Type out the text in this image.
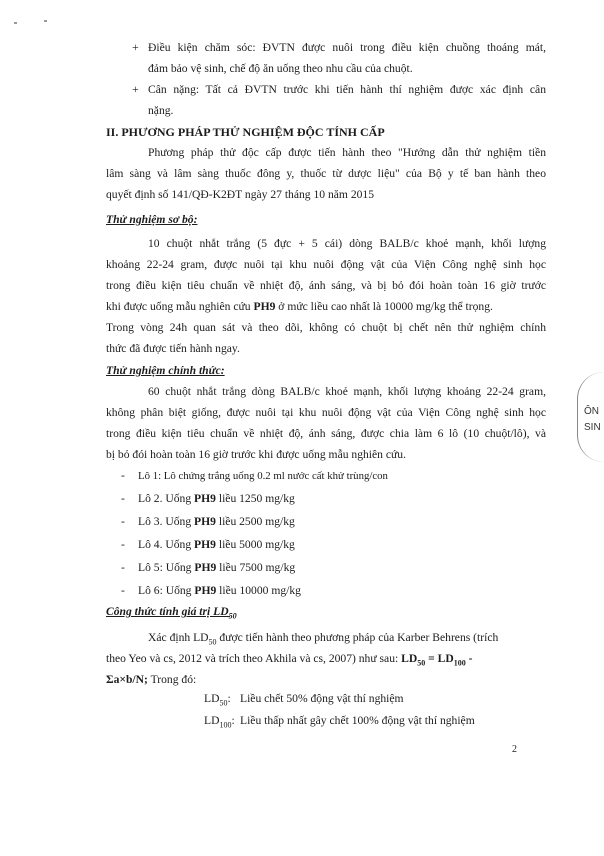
+ Điều kiện chăm sóc: ĐVTN được nuôi trong điều kiện chuồng thoáng mát,
đảm bảo vệ sinh, chế độ ăn uống theo nhu cầu của chuột.
+ Cân nặng: Tất cả ĐVTN trước khi tiến hành thí nghiệm được xác định cân
nặng.
II. PHƯƠNG PHÁP THỬ NGHIỆM ĐỘC TÍNH CẤP
Phương pháp thử độc cấp được tiến hành theo "Hướng dẫn thử nghiệm tiền
lâm sàng và lâm sàng thuốc đông y, thuốc từ dược liệu" của Bộ y tế ban hành theo
quyết định số 141/QĐ-K2ĐT ngày 27 tháng 10 năm 2015
Thử nghiệm sơ bộ:
10 chuột nhắt trắng (5 đực + 5 cái) dòng BALB/c khoẻ mạnh, khối lượng
khoảng 22-24 gram, được nuôi tại khu nuôi động vật của Viện Công nghệ sinh học
trong điều kiện tiêu chuẩn về nhiệt độ, ánh sáng, và bị bỏ đói hoàn toàn 16 giờ trước
khi được uống mẫu nghiên cứu PH9 ở mức liều cao nhất là 10000 mg/kg thể trọng.
Trong vòng 24h quan sát và theo dõi, không có chuột bị chết nên thử nghiệm chính
thức đã được tiến hành ngay.
Thử nghiệm chính thức:
60 chuột nhắt trắng dòng BALB/c khoẻ mạnh, khối lượng khoảng 22-24 gram,
không phân biệt giống, được nuôi tại khu nuôi động vật của Viện Công nghệ sinh học
trong điều kiện tiêu chuẩn về nhiệt độ, ánh sáng, được chia làm 6 lô (10 chuột/lô), và
bị bỏ đói hoàn toàn 16 giờ trước khi được uống mẫu nghiên cứu.
- Lô 1: Lô chứng trắng uống 0.2 ml nước cất khử trùng/con
- Lô 2. Uống PH9 liều 1250 mg/kg
- Lô 3. Uống PH9 liều 2500 mg/kg
- Lô 4. Uống PH9 liều 5000 mg/kg
- Lô 5: Uống PH9 liều 7500 mg/kg
- Lô 6: Uống PH9 liều 10000 mg/kg
Công thức tính giá trị $LD_{50}$
Xác định $LD_{50}$ được tiến hành theo phương pháp của Karber Behrens (trích
theo Yeo và cs, 2012 và trích theo Akhila và cs, 2007) như sau: $LD_{50} = LD_{100}$ -
Σa×b/N; Trong đó:
$LD_{50}$: Liều chết 50% động vật thí nghiệm
$LD_{100}$: Liều thấp nhất gây chết 100% động vật thí nghiệm
2
ÔN
SIN
